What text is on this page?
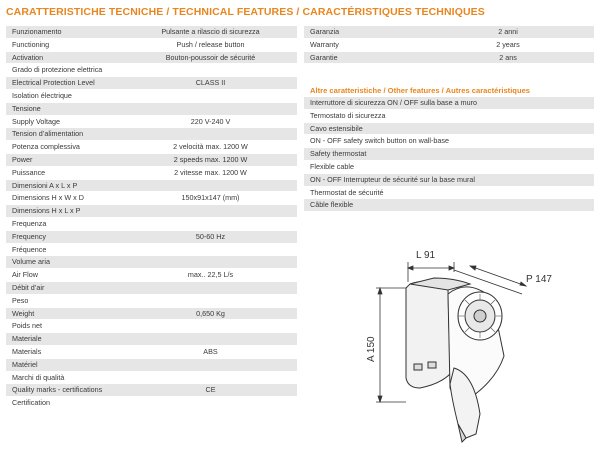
CARATTERISTICHE TECNICHE / TECHNICAL FEATURES / CARACTÉRISTIQUES TECHNIQUES
Funzionamento	Pulsante a rilascio di sicurezza
Functioning	Push / release button
Activation	Bouton-poussoir de sécurité
Grado di protezione elettrica	
Electrical Protection Level	CLASS II
Isolation électrique	
Tensione	
Supply Voltage	220 V-240 V
Tension d’alimentation	
Potenza complessiva	2 velocità max. 1200 W
Power	2 speeds max. 1200 W
Puissance	2 vitesse max. 1200 W
Dimensioni A x L x P	
Dimensions H x W x D	150x91x147 (mm)
Dimensions H x L x P	
Frequenza	
Frequency	50-60 Hz
Fréquence	
Volume aria	
Air Flow	max.. 22,5 L/s
Débit d’air	
Peso	
Weight	0,650 Kg
Poids net	
Materiale	
Materials	ABS
Matériel	
Marchi di qualità	
Quality marks - certifications	CE
Certification	
Garanzia	2 anni
Warranty	2 years
Garantie	2 ans
Altre caratteristiche / Other features / Autres caractéristiques
Interruttore di sicurezza ON / OFF sulla base a muro
Termostato di sicurezza
Cavo estensibile
ON - OFF safety switch button on wall-base
Safety thermostat
Flexible cable
ON - OFF Interrupteur de sécurité sur la base mural
Thermostat de sécurité
Câble flexible
L 91
P 147
A 150
